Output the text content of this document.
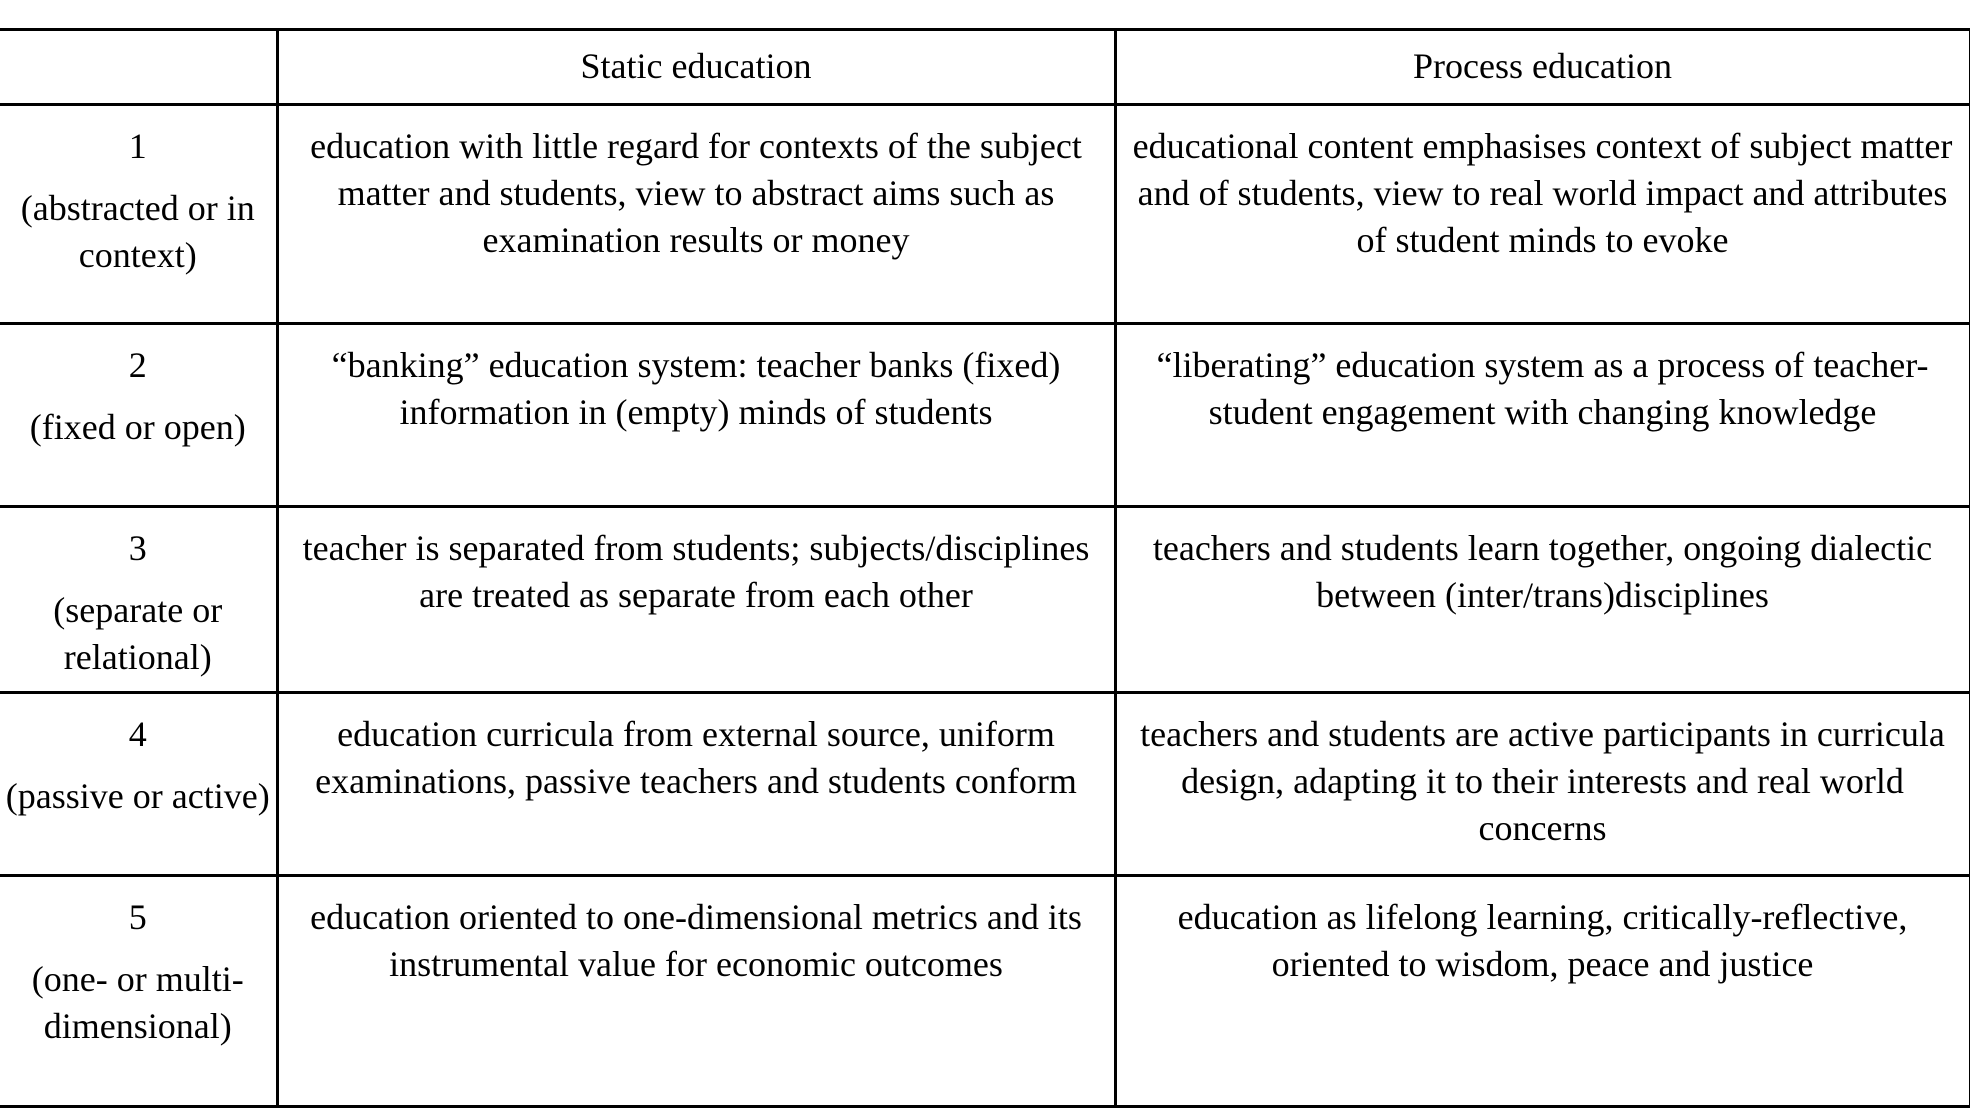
	Static education	Process education

1
(abstracted or in context)	education with little regard for contexts of the subject matter and students, view to abstract aims such as examination results or money	educational content emphasises context of subject matter and of students, view to real world impact and attributes of student minds to evoke

2
(fixed or open)	“banking” education system: teacher banks (fixed) information in (empty) minds of students	“liberating” education system as a process of teacher-student engagement with changing knowledge

3
(separate or relational)	teacher is separated from students; subjects/disciplines are treated as separate from each other	teachers and students learn together, ongoing dialectic between (inter/trans)disciplines

4
(passive or active)	education curricula from external source, uniform examinations, passive teachers and students conform	teachers and students are active participants in curricula design, adapting it to their interests and real world concerns

5
(one- or multi-dimensional)	education oriented to one-dimensional metrics and its instrumental value for economic outcomes	education as lifelong learning, critically-reflective, oriented to wisdom, peace and justice
